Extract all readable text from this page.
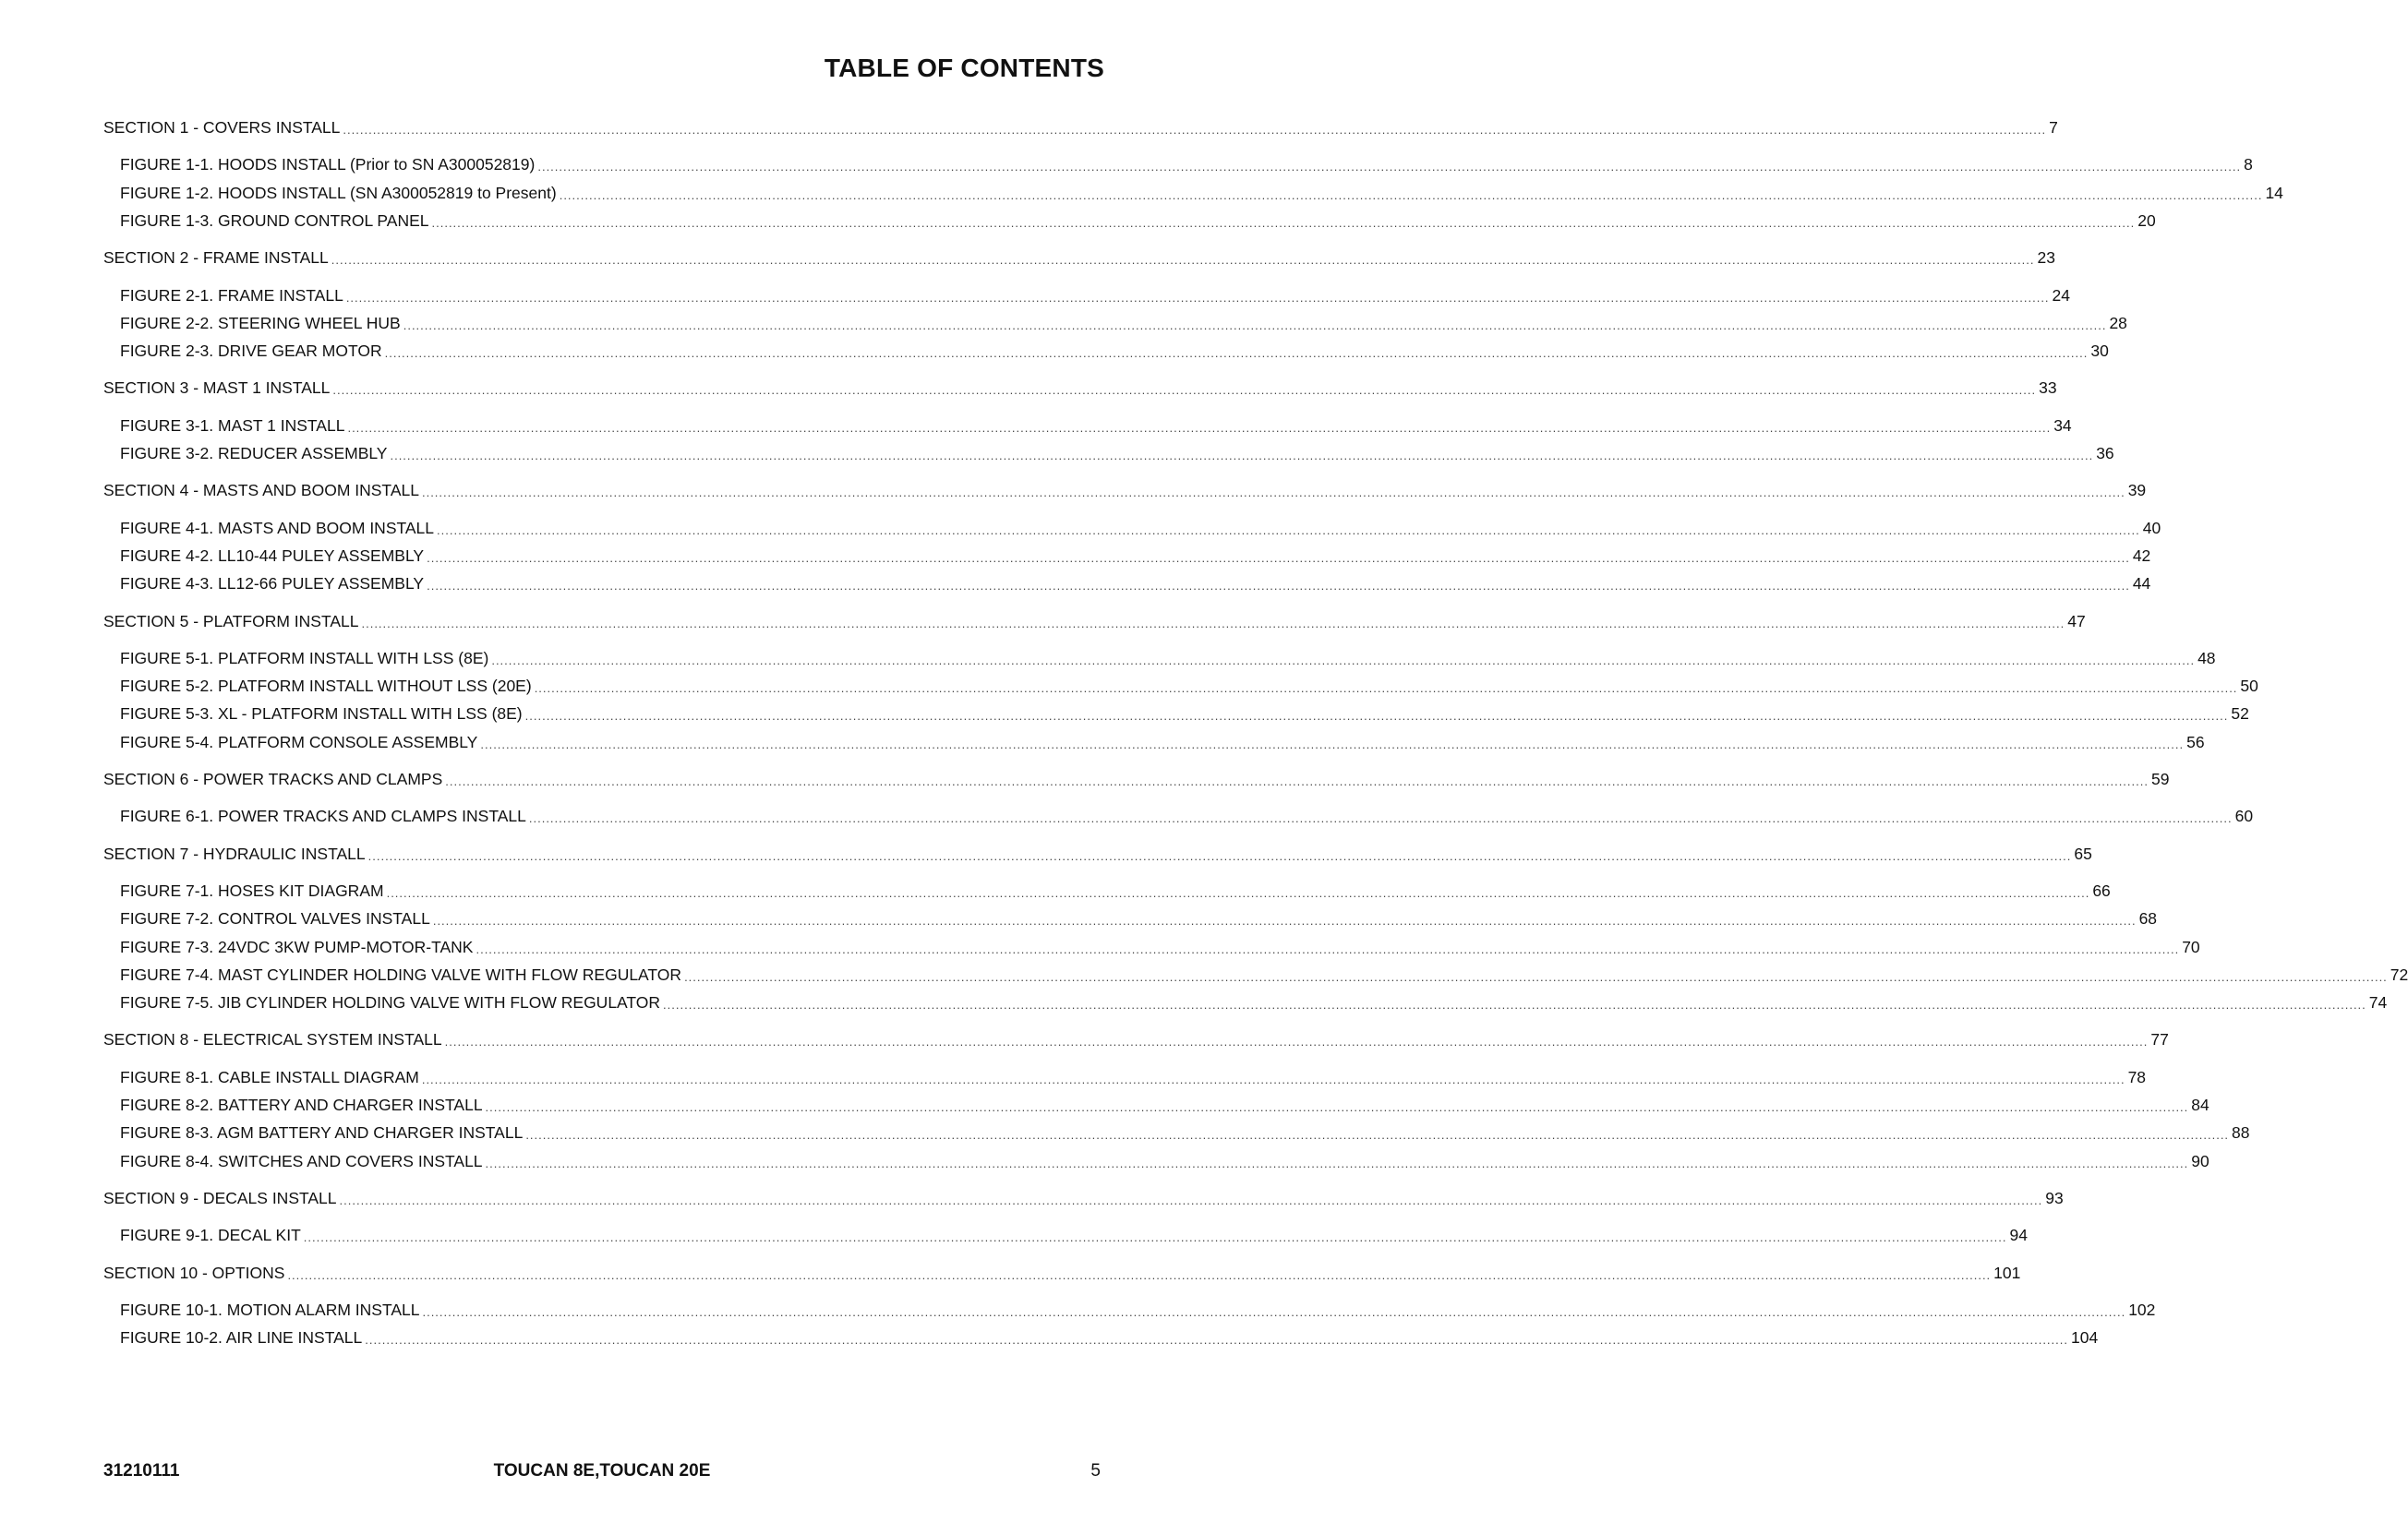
TABLE OF CONTENTS
SECTION 1 - COVERS INSTALL ................................................................................................................................................................................................................................................................................................................................................................................................................ 7
FIGURE 1-1. HOODS INSTALL (Prior to SN A300052819) ................................................................................................................................................................................................................................................................................................................................................................................................................ 8
FIGURE 1-2. HOODS INSTALL (SN A300052819 to Present) ................................................................................................................................................................................................................................................................................................................................................................................................................ 14
FIGURE 1-3. GROUND CONTROL PANEL ................................................................................................................................................................................................................................................................................................................................................................................................................ 20
SECTION 2 - FRAME INSTALL ................................................................................................................................................................................................................................................................................................................................................................................................................ 23
FIGURE 2-1. FRAME INSTALL ................................................................................................................................................................................................................................................................................................................................................................................................................ 24
FIGURE 2-2. STEERING WHEEL HUB ................................................................................................................................................................................................................................................................................................................................................................................................................ 28
FIGURE 2-3. DRIVE GEAR MOTOR ................................................................................................................................................................................................................................................................................................................................................................................................................ 30
SECTION 3 - MAST 1 INSTALL ................................................................................................................................................................................................................................................................................................................................................................................................................ 33
FIGURE 3-1. MAST 1 INSTALL ................................................................................................................................................................................................................................................................................................................................................................................................................ 34
FIGURE 3-2. REDUCER ASSEMBLY ................................................................................................................................................................................................................................................................................................................................................................................................................ 36
SECTION 4 - MASTS AND BOOM INSTALL ................................................................................................................................................................................................................................................................................................................................................................................................................ 39
FIGURE 4-1. MASTS AND BOOM INSTALL ................................................................................................................................................................................................................................................................................................................................................................................................................ 40
FIGURE 4-2. LL10-44 PULEY ASSEMBLY ................................................................................................................................................................................................................................................................................................................................................................................................................ 42
FIGURE 4-3. LL12-66 PULEY ASSEMBLY ................................................................................................................................................................................................................................................................................................................................................................................................................ 44
SECTION 5 - PLATFORM INSTALL ................................................................................................................................................................................................................................................................................................................................................................................................................ 47
FIGURE 5-1. PLATFORM INSTALL WITH LSS (8E) ................................................................................................................................................................................................................................................................................................................................................................................................................ 48
FIGURE 5-2. PLATFORM INSTALL WITHOUT LSS (20E) ................................................................................................................................................................................................................................................................................................................................................................................................................ 50
FIGURE 5-3. XL - PLATFORM INSTALL WITH LSS (8E) ................................................................................................................................................................................................................................................................................................................................................................................................................ 52
FIGURE 5-4. PLATFORM CONSOLE ASSEMBLY ................................................................................................................................................................................................................................................................................................................................................................................................................ 56
SECTION 6 - POWER TRACKS AND CLAMPS ................................................................................................................................................................................................................................................................................................................................................................................................................ 59
FIGURE 6-1. POWER TRACKS AND CLAMPS INSTALL ................................................................................................................................................................................................................................................................................................................................................................................................................ 60
SECTION 7 - HYDRAULIC INSTALL ................................................................................................................................................................................................................................................................................................................................................................................................................ 65
FIGURE 7-1. HOSES KIT DIAGRAM ................................................................................................................................................................................................................................................................................................................................................................................................................ 66
FIGURE 7-2. CONTROL VALVES INSTALL ................................................................................................................................................................................................................................................................................................................................................................................................................ 68
FIGURE 7-3. 24VDC 3KW PUMP-MOTOR-TANK ................................................................................................................................................................................................................................................................................................................................................................................................................ 70
FIGURE 7-4. MAST CYLINDER HOLDING VALVE WITH FLOW REGULATOR ................................................................................................................................................................................................................................................................................................................................................................................................................ 72
FIGURE 7-5. JIB CYLINDER HOLDING VALVE WITH FLOW REGULATOR ................................................................................................................................................................................................................................................................................................................................................................................................................ 74
SECTION 8 - ELECTRICAL SYSTEM INSTALL ................................................................................................................................................................................................................................................................................................................................................................................................................ 77
FIGURE 8-1. CABLE INSTALL DIAGRAM ................................................................................................................................................................................................................................................................................................................................................................................................................ 78
FIGURE 8-2. BATTERY AND CHARGER INSTALL ................................................................................................................................................................................................................................................................................................................................................................................................................ 84
FIGURE 8-3. AGM BATTERY AND CHARGER INSTALL ................................................................................................................................................................................................................................................................................................................................................................................................................ 88
FIGURE 8-4. SWITCHES AND COVERS INSTALL ................................................................................................................................................................................................................................................................................................................................................................................................................ 90
SECTION 9 - DECALS INSTALL ................................................................................................................................................................................................................................................................................................................................................................................................................ 93
FIGURE 9-1. DECAL KIT ................................................................................................................................................................................................................................................................................................................................................................................................................ 94
SECTION 10 - OPTIONS ................................................................................................................................................................................................................................................................................................................................................................................................................ 101
FIGURE 10-1. MOTION ALARM INSTALL ................................................................................................................................................................................................................................................................................................................................................................................................................ 102
FIGURE 10-2. AIR LINE INSTALL ................................................................................................................................................................................................................................................................................................................................................................................................................ 104
31210111	TOUCAN 8E,TOUCAN 20E	5
